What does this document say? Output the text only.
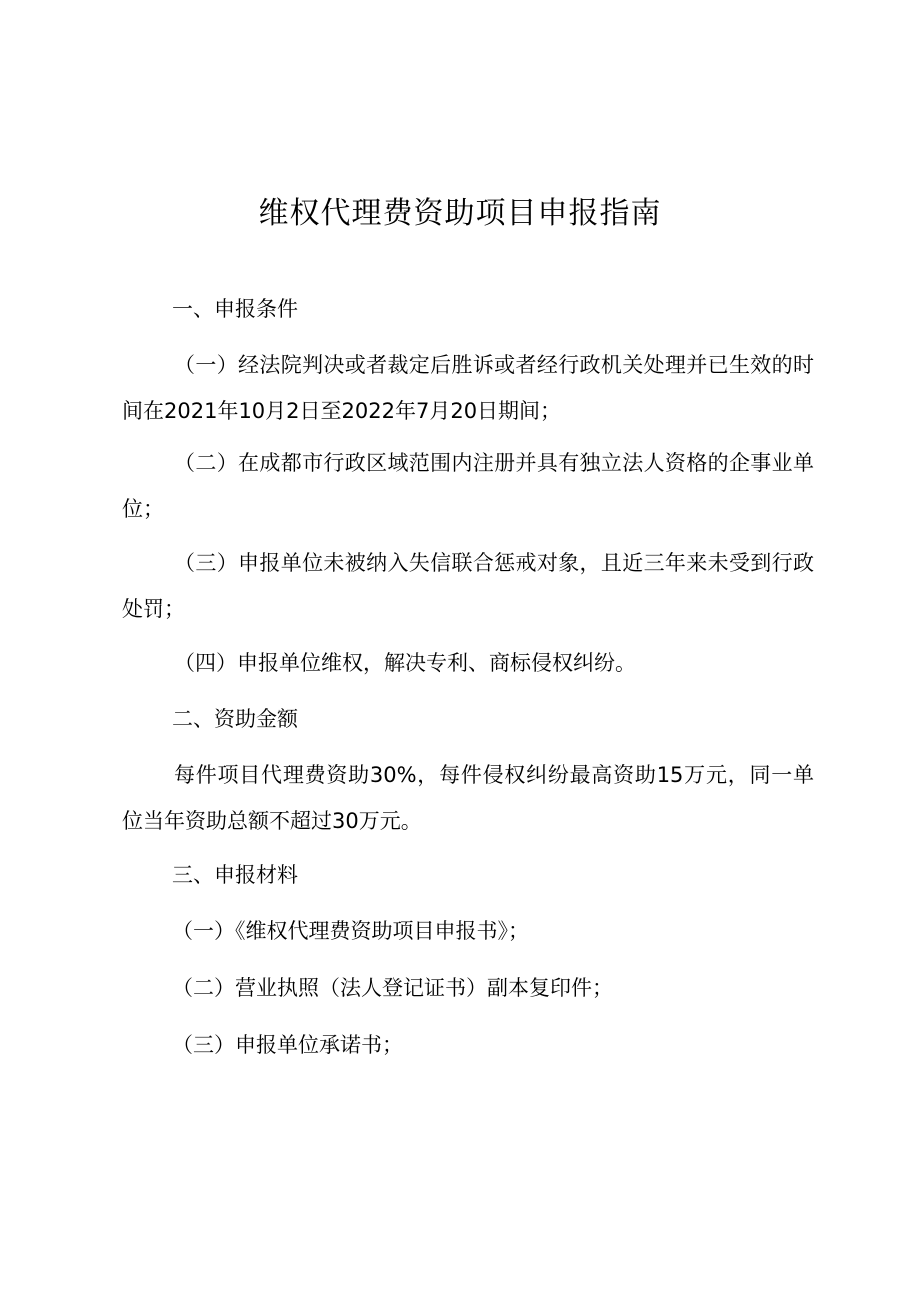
维权代理费资助项目申报指南
一、申报条件
（一）经法院判决或者裁定后胜诉或者经行政机关处理并已生效的时间在2021年10月2日至2022年7月20日期间；
（二）在成都市行政区域范围内注册并具有独立法人资格的企事业单位；
（三）申报单位未被纳入失信联合惩戒对象，且近三年来未受到行政处罚；
（四）申报单位维权，解决专利、商标侵权纠纷。
二、资助金额
每件项目代理费资助30%，每件侵权纠纷最高资助15万元，同一单位当年资助总额不超过30万元。
三、申报材料
（一）《维权代理费资助项目申报书》；
（二）营业执照（法人登记证书）副本复印件；
（三）申报单位承诺书；
